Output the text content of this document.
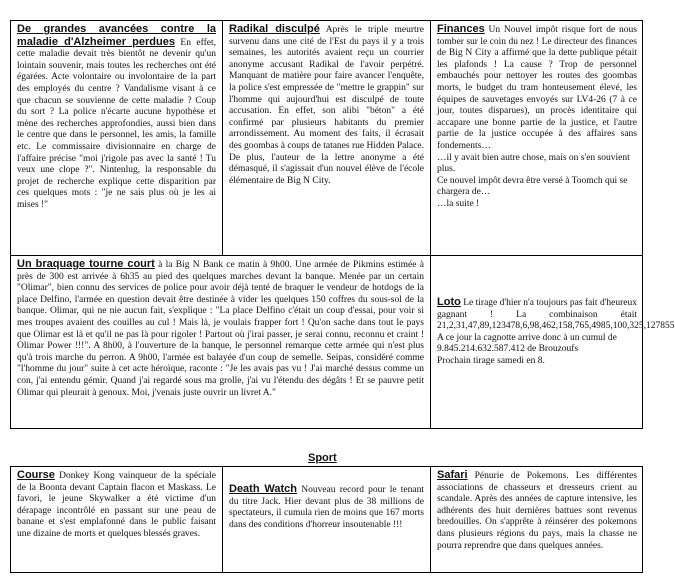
De grandes avancées contre la maladie d'Alzheimer perdues En effet, cette maladie devait très bientôt ne devenir qu'un lointain souvenir, mais toutes les recherches ont été égarées. Acte volontaire ou involontaire de la part des employés du centre ? Vandalisme visant à ce que chacun se souvienne de cette maladie ? Coup du sort ? La police n'écarte aucune hypothèse et mène des recherches approfondies, aussi bien dans le centre que dans le personnel, les amis, la famille etc. Le commissaire divisionnaire en charge de l'affaire précise "moi j'rigole pas avec la santé ! Tu veux une clope ?". Nintenlug, la responsable du projet de recherche explique cette disparition par ces quelques mots : "je ne sais plus où je les ai mises !"
Radikal disculpé Après le triple meurtre survenu dans une cité de l'Est du pays il y a trois semaines, les autorités avaient reçu un courrier anonyme accusant Radikal de l'avoir perpétré. Manquant de matière pour faire avancer l'enquête, la police s'est empressée de "mettre le grappin" sur l'homme qui aujourd'hui est disculpé de toute accusation. En effet, son alibi "béton" a été confirmé par plusieurs habitants du premier arrondissement. Au moment des faits, il écrasait des goombas à coups de tatanes rue Hidden Palace. De plus, l'auteur de la lettre anonyme a été démasqué, il s'agissait d'un nouvel élève de l'école élémentaire de Big N City.
Finances Un Nouvel impôt risque fort de nous tomber sur le coin du nez ! Le directeur des finances de Big N City a affirmé que la dette publique pétait les plafonds ! La cause ? Trop de personnel embauchés pour nettoyer les routes des goombas morts, le budget du tram honteusement élevé, les équipes de sauvetages envoyés sur LV4-26 (7 à ce jour, toutes disparues), un procès identitaire qui accapare une bonne partie de la justice, et l'autre partie de la justice occupée à des affaires sans fondements…
…il y avait bien autre chose, mais on s'en souvient plus.
Ce nouvel impôt devra être versé à Toomch qui se chargera de…
…la suite !
Un braquage tourne court à la Big N Bank ce matin à 9h00. Une armée de Pikmins estimée à près de 300 est arrivée à 6h35 au pied des quelques marches devant la banque. Menée par un certain "Olimar", bien connu des services de police pour avoir déjà tenté de braquer le vendeur de hotdogs de la place Delfino, l'armée en question devait être destinée à vider les quelques 150 coffres du sous-sol de la banque. Olimar, qui ne nie aucun fait, s'explique : "La place Delfino c'était un coup d'essai, pour voir si mes troupes avaient des couilles au cul ! Mais là, je voulais frapper fort ! Qu'on sache dans tout le pays que Olimar est là et qu'il ne pas là pour rigoler ! Partout où j'irai passer, je serai connu, reconnu et craint ! Olimar Power !!!". A 8h00, à l'ouverture de la banque, le personnel remarque cette armée qui n'est plus qu'à trois marche du perron. A 9h00, l'armée est balayée d'un coup de semelle. Seipas, considéré comme "l'homme du jour" suite à cet acte héroïque, raconte : "Je les avais pas vu ! J'ai marché dessus comme un con, j'ai entendu gémir. Quand j'ai regardé sous ma grolle, j'ai vu l'étendu des dégâts ! Et se pauvre petit Olimar qui pleurait à genoux. Moi, j'venais juste ouvrir un livret A."
Loto Le tirage d'hier n'a toujours pas fait d'heureux gagnant ! La combinaison était 21,2,31,47,89,123478,6,98,462,158,765,4985,100,325,127855
A ce jour la cagnotte arrive donc à un cumul de 9.845.214.632.587.412 de Brouzoufs
Prochain tirage samedi en 8.
Sport
Course Donkey Kong vainqueur de la spéciale de la Boonta devant Captain flacon et Maskass. Le favori, le jeune Skywalker a été victime d'un dérapage incontrôlé en passant sur une peau de banane et s'est emplafonné dans le public faisant une dizaine de morts et quelques blessés graves.
Death Watch Nouveau record pour le tenant du titre Jack. Hier devant plus de 38 millions de spectateurs, il cumula rien de moins que 167 morts dans des conditions d'horreur insoutenable !!!
Safari Pénurie de Pokemons. Les différentes associations de chasseurs et dresseurs crient au scandale. Après des années de capture intensive, les adhérents des huit dernières battues sont revenus bredouilles. On s'apprête à réinsérer des pokemons dans plusieurs régions du pays, mais la chasse ne pourra reprendre que dans quelques années.
